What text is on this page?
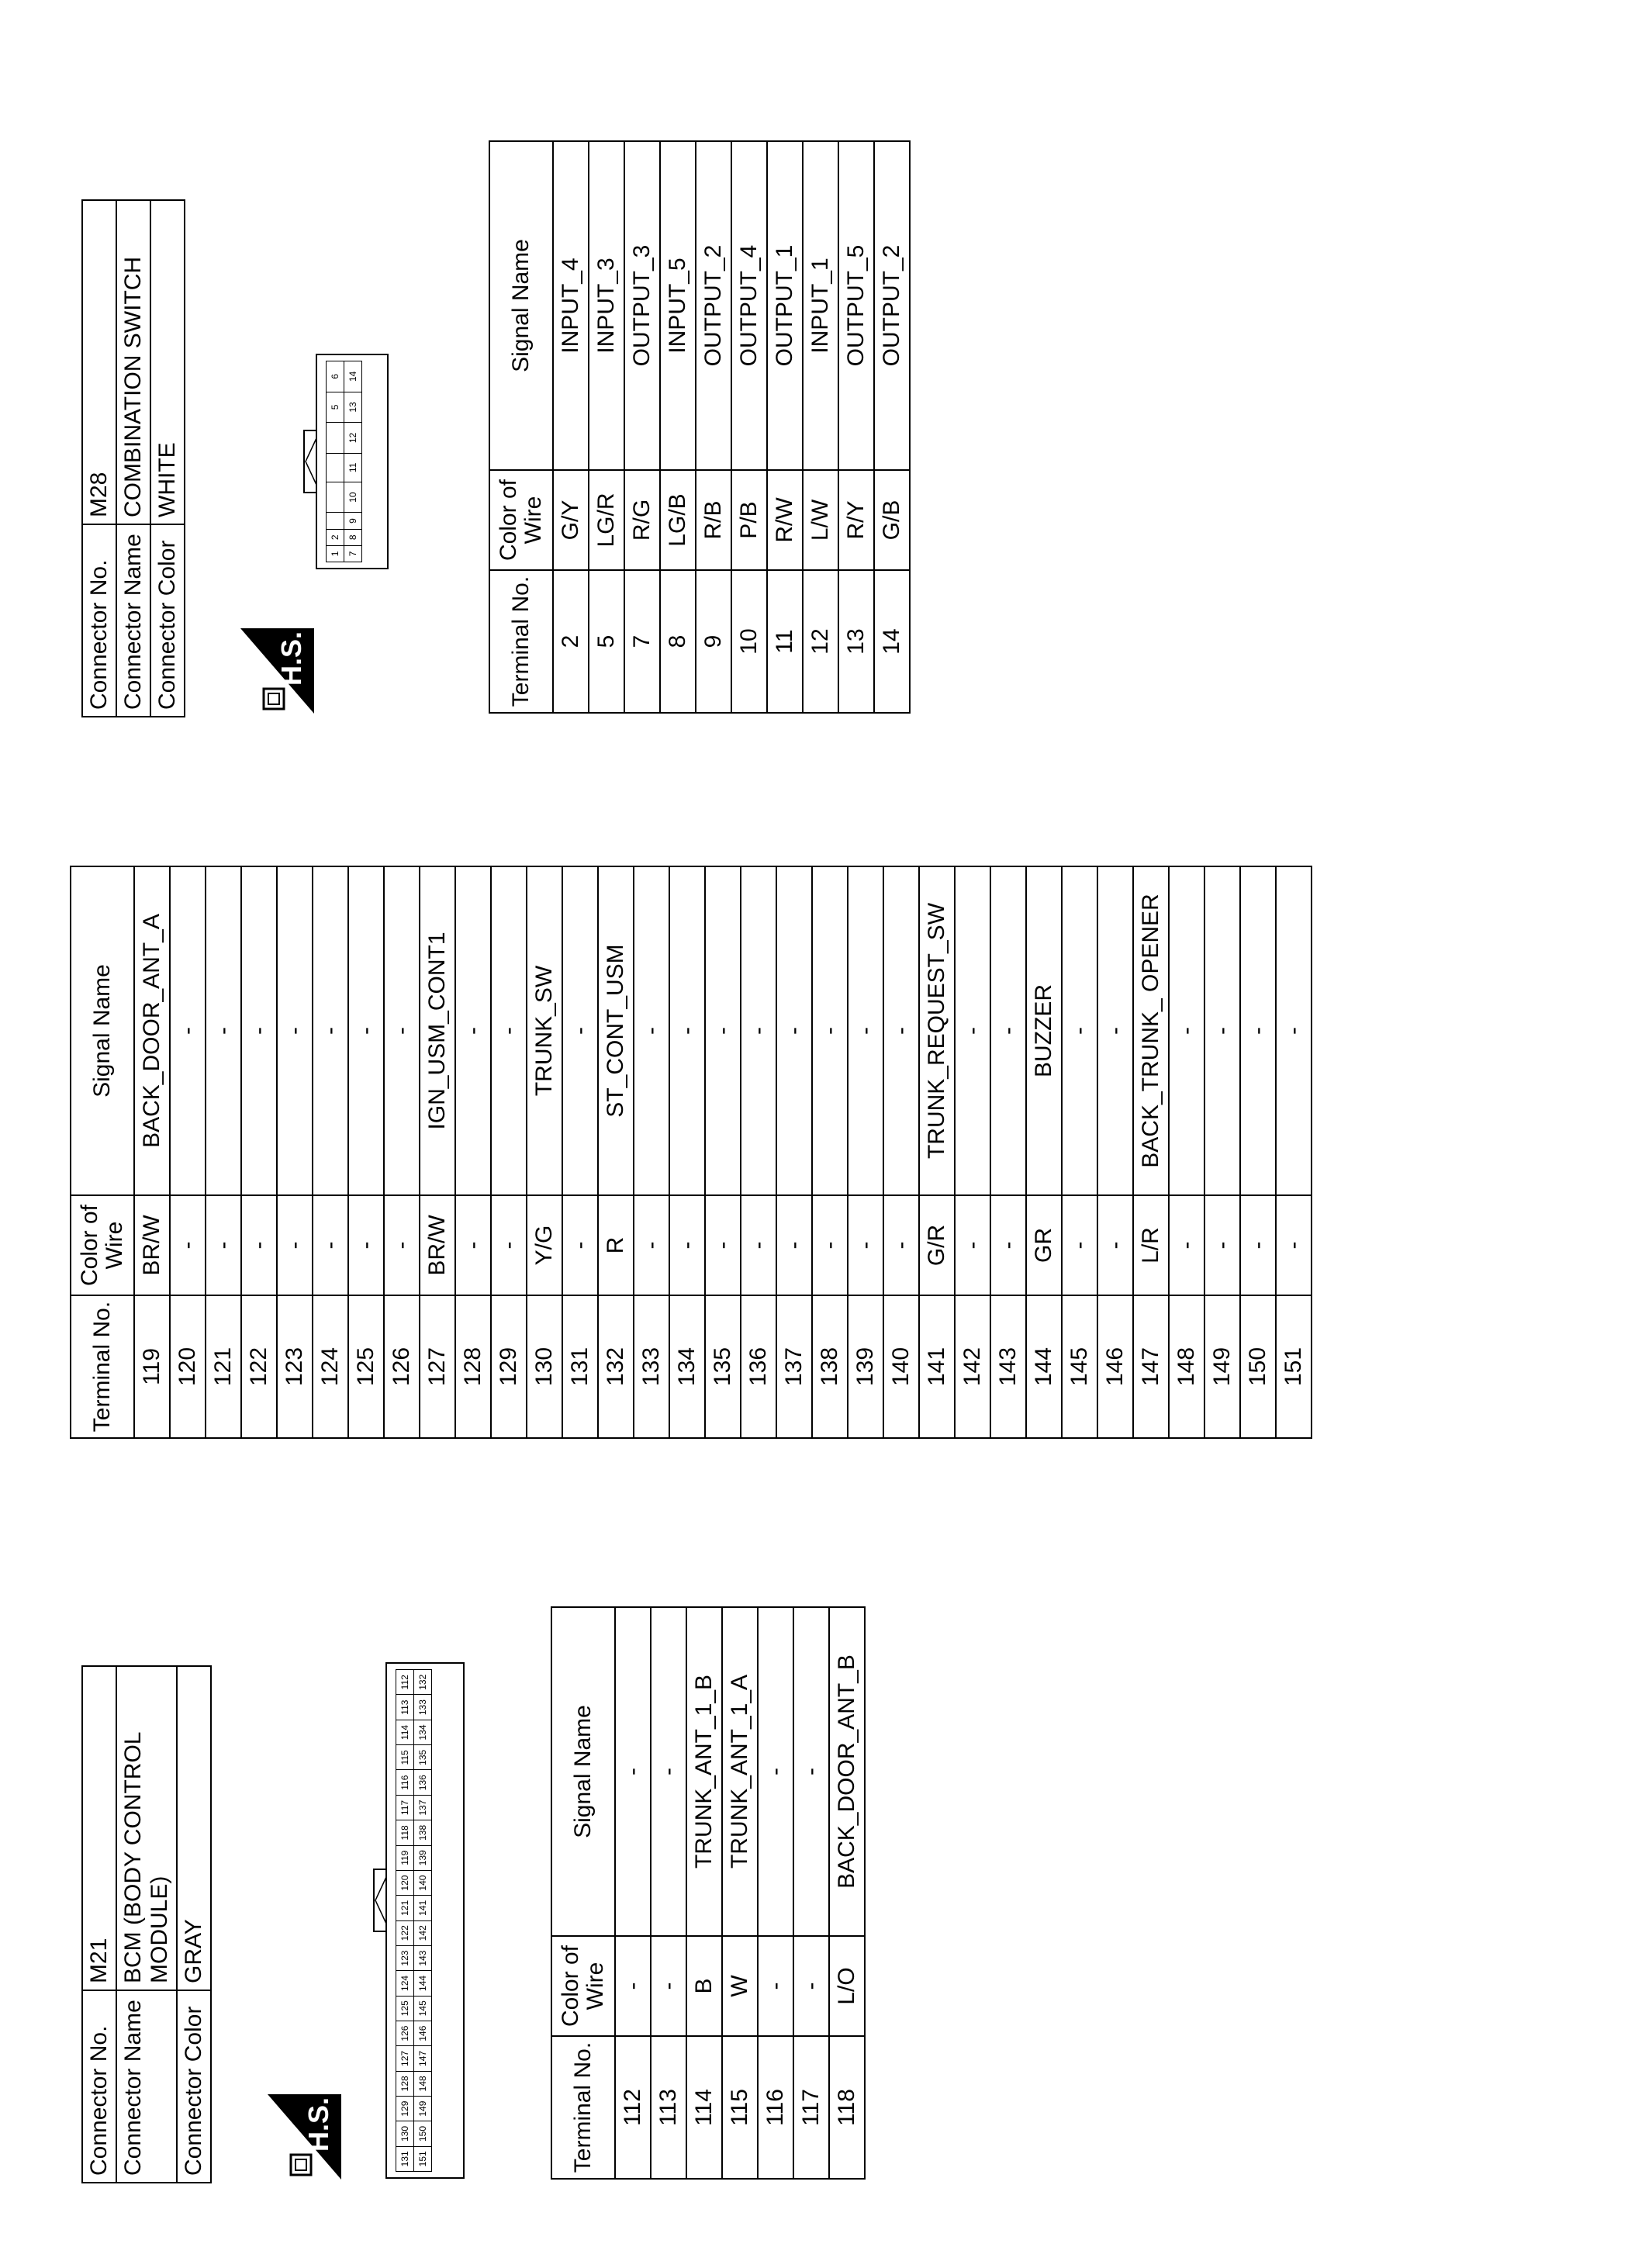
Connector No.	M21
Connector Name	BCM (BODY CONTROL MODULE)
Connector Color	GRAY
H.S.
131	130	129	128	127	126	125	124	123	122	121	120	119	118	117	116	115	114	113	112
151	150	149	148	147	146	145	144	143	142	141	140	139	138	137	136	135	134	133	132
Terminal No.	Color of Wire	Signal Name
112	-	-
113	-	-
114	B	TRUNK_ANT_1_B
115	W	TRUNK_ANT_1_A
116	-	-
117	-	-
118	L/O	BACK_DOOR_ANT_B
Terminal No.	Color of Wire	Signal Name
119	BR/W	BACK_DOOR_ANT_A
120	-	-
121	-	-
122	-	-
123	-	-
124	-	-
125	-	-
126	-	-
127	BR/W	IGN_USM_CONT1
128	-	-
129	-	-
130	Y/G	TRUNK_SW
131	-	-
132	R	ST_CONT_USM
133	-	-
134	-	-
135	-	-
136	-	-
137	-	-
138	-	-
139	-	-
140	-	-
141	G/R	TRUNK_REQUEST_SW
142	-	-
143	-	-
144	GR	BUZZER
145	-	-
146	-	-
147	L/R	BACK_TRUNK_ OPENER
148	-	-
149	-	-
150	-	-
151	-	-
Connector No.	M28
Connector Name	COMBINATION SWITCH
Connector Color	WHITE
H.S.
1	2					5	6
7	8	9	10	11	12	13	14
Terminal No.	Color of Wire	Signal Name
2	G/Y	INPUT_4
5	LG/R	INPUT_3
7	R/G	OUTPUT_3
8	LG/B	INPUT_5
9	R/B	OUTPUT_2
10	P/B	OUTPUT_4
11	R/W	OUTPUT_1
12	L/W	INPUT_1
13	R/Y	OUTPUT_5
14	G/B	OUTPUT_2
